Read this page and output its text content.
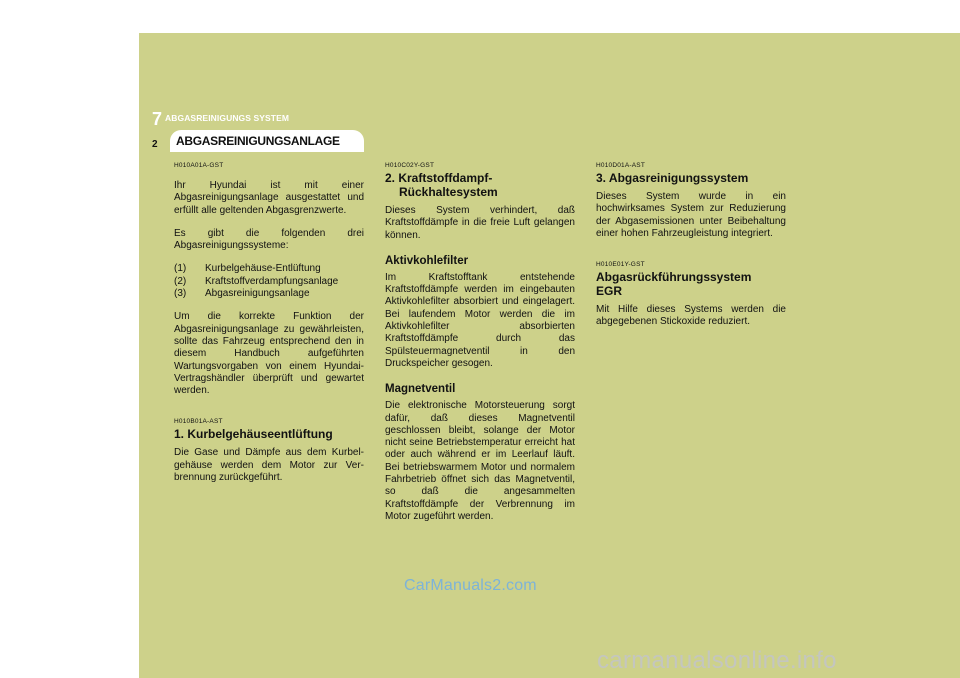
7 ABGASREINIGUNGS SYSTEM
2	ABGASREINIGUNGSANLAGE

H010A01A-GST

Ihr Hyundai ist mit einer Abgasreinigungsanlage ausgestattet und erfüllt alle geltenden Abgasgrenzwerte.

Es gibt die folgenden drei Abgasreinigungssysteme:

(1)	Kurbelgehäuse-Entlüftung
(2)	Kraftstoffverdampfungsanlage
(3)	Abgasreinigungsanlage

Um die korrekte Funktion der Abgasreinigungsanlage zu gewährleisten, sollte das Fahrzeug entsprechend den in diesem Handbuch aufgeführten Wartungsvorgaben von einem Hyundai-Vertragshändler überprüft und gewartet werden.

H010B01A-AST

1. Kurbelgehäuseentlüftung

Die Gase und Dämpfe aus dem Kurbel-gehäuse werden dem Motor zur Ver-brennung zurückgeführt.

H010C02Y-GST

2. Kraftstoffdampf-
Rückhaltesystem

Dieses System verhindert, daß Kraftstoffdämpfe in die freie Luft gelangen können.

Aktivkohlefilter

Im Kraftstofftank entstehende Kraftstoffdämpfe werden im eingebauten Aktivkohlefilter absorbiert und eingelagert. Bei laufendem Motor werden die im Aktivkohlefilter absorbierten Kraftstoffdämpfe durch das Spülsteuermagnetventil in den Druckspeicher gesogen.

Magnetventil

Die elektronische Motorsteuerung sorgt dafür, daß dieses Magnetventil geschlossen bleibt, solange der Motor nicht seine Betriebstemperatur erreicht hat oder auch während er im Leerlauf läuft. Bei betriebswarmem Motor und normalem Fahrbetrieb öffnet sich das Magnetventil, so daß die angesammelten Kraftstoffdämpfe der Verbrennung im Motor zugeführt werden.

H010D01A-AST

3. Abgasreinigungssystem

Dieses System wurde in ein hochwirksames System zur Reduzierung der Abgasemissionen unter Beibehaltung einer hohen Fahrzeugleistung integriert.

H010E01Y-GST

Abgasrückführungssystem
EGR

Mit Hilfe dieses Systems werden die abgegebenen Stickoxide reduziert.

CarManuals2.com
carmanualsonline.info
